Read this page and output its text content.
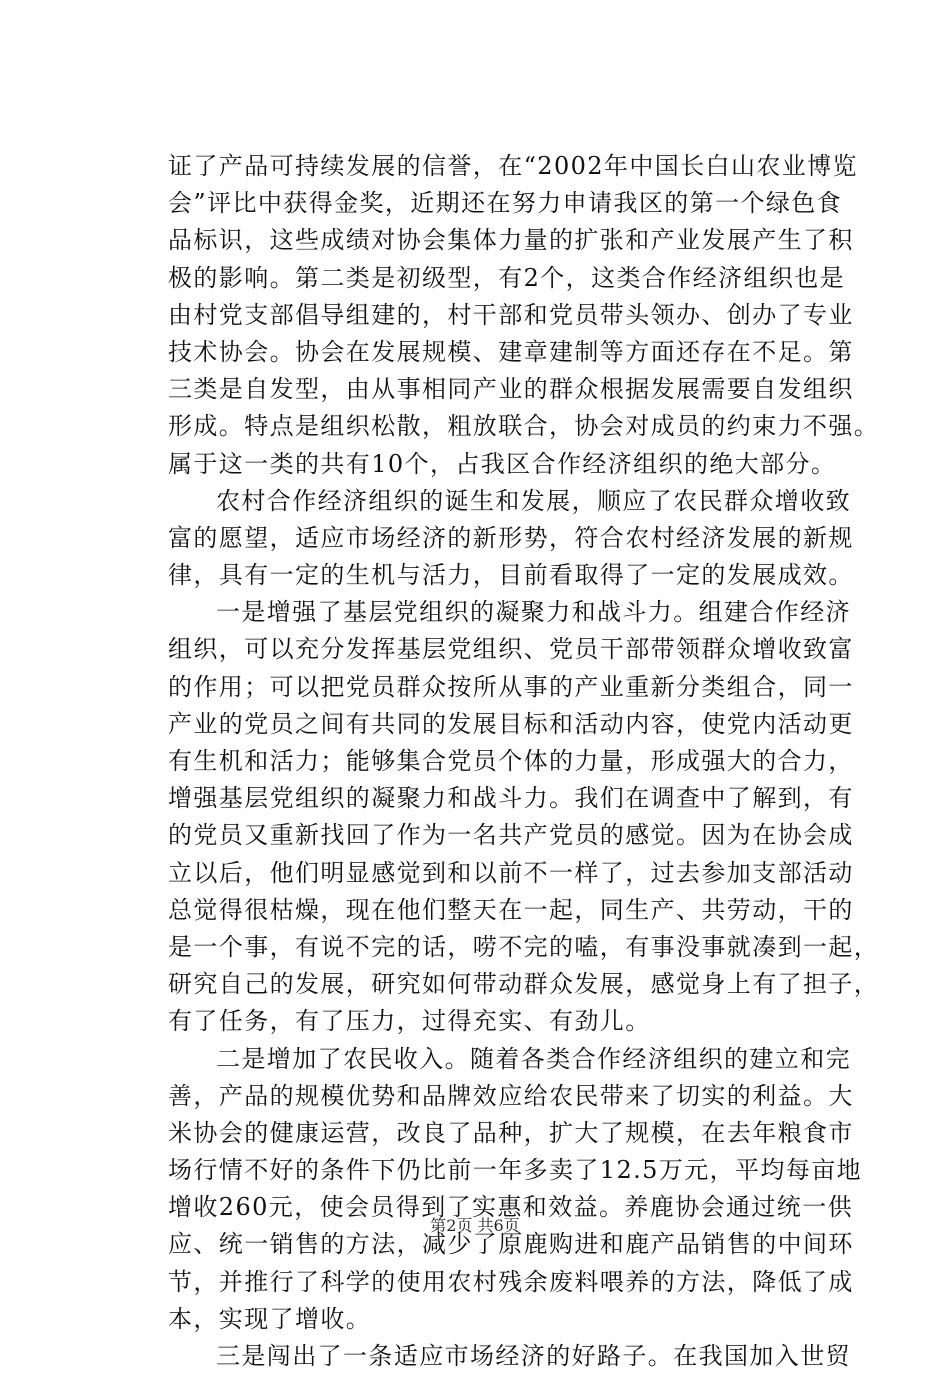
证了产品可持续发展的信誉，在“2002年中国长白山农业博览
会”评比中获得金奖，近期还在努力申请我区的第一个绿色食
品标识，这些成绩对协会集体力量的扩张和产业发展产生了积
极的影响。第二类是初级型，有2个，这类合作经济组织也是
由村党支部倡导组建的，村干部和党员带头领办、创办了专业
技术协会。协会在发展规模、建章建制等方面还存在不足。第
三类是自发型，由从事相同产业的群众根据发展需要自发组织
形成。特点是组织松散，粗放联合，协会对成员的约束力不强。
属于这一类的共有10个，占我区合作经济组织的绝大部分。
农村合作经济组织的诞生和发展，顺应了农民群众增收致
富的愿望，适应市场经济的新形势，符合农村经济发展的新规
律，具有一定的生机与活力，目前看取得了一定的发展成效。
一是增强了基层党组织的凝聚力和战斗力。组建合作经济
组织，可以充分发挥基层党组织、党员干部带领群众增收致富
的作用；可以把党员群众按所从事的产业重新分类组合，同一
产业的党员之间有共同的发展目标和活动内容，使党内活动更
有生机和活力；能够集合党员个体的力量，形成强大的合力，
增强基层党组织的凝聚力和战斗力。我们在调查中了解到，有
的党员又重新找回了作为一名共产党员的感觉。因为在协会成
立以后，他们明显感觉到和以前不一样了，过去参加支部活动
总觉得很枯燥，现在他们整天在一起，同生产、共劳动，干的
是一个事，有说不完的话，唠不完的嗑，有事没事就凑到一起，
研究自己的发展，研究如何带动群众发展，感觉身上有了担子，
有了任务，有了压力，过得充实、有劲儿。
二是增加了农民收入。随着各类合作经济组织的建立和完
善，产品的规模优势和品牌效应给农民带来了切实的利益。大
米协会的健康运营，改良了品种，扩大了规模，在去年粮食市
场行情不好的条件下仍比前一年多卖了12.5万元，平均每亩地
增收260元，使会员得到了实惠和效益。养鹿协会通过统一供
应、统一销售的方法，减少了原鹿购进和鹿产品销售的中间环
节，并推行了科学的使用农村残余废料喂养的方法，降低了成
本，实现了增收。
三是闯出了一条适应市场经济的好路子。在我国加入世贸
第2页 共6页
